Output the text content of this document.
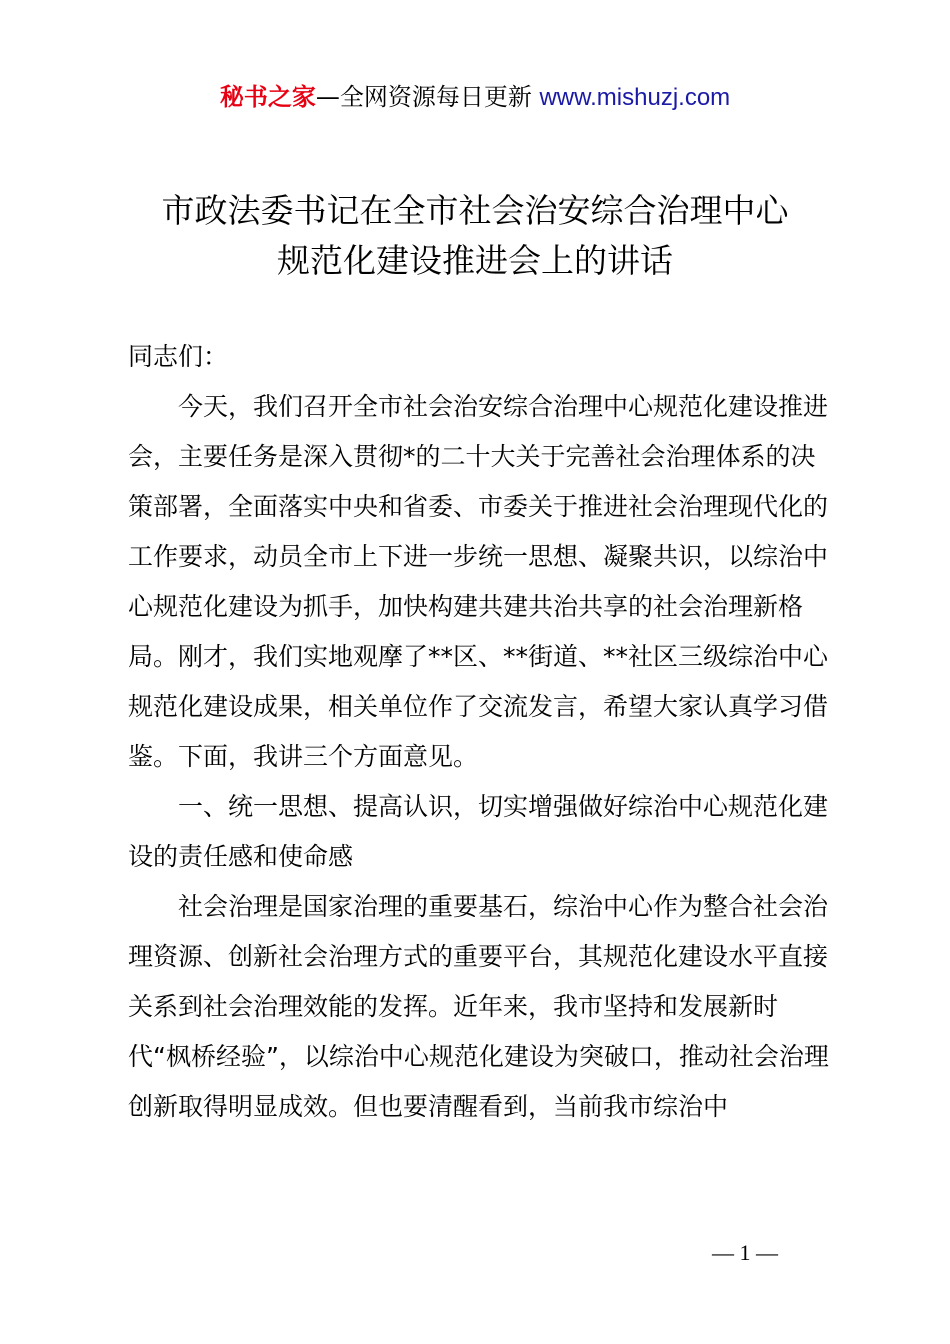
秘书之家—全网资源每日更新 www.mishuzj.com
市政法委书记在全市社会治安综合治理中心
规范化建设推进会上的讲话

同志们：

今天，我们召开全市社会治安综合治理中心规范化建设推进会，主要任务是深入贯彻*的二十大关于完善社会治理体系的决策部署，全面落实中央和省委、市委关于推进社会治理现代化的工作要求，动员全市上下进一步统一思想、凝聚共识，以综治中心规范化建设为抓手，加快构建共建共治共享的社会治理新格局。刚才，我们实地观摩了**区、**街道、**社区三级综治中心规范化建设成果，相关单位作了交流发言，希望大家认真学习借鉴。下面，我讲三个方面意见。

一、统一思想、提高认识，切实增强做好综治中心规范化建设的责任感和使命感

社会治理是国家治理的重要基石，综治中心作为整合社会治理资源、创新社会治理方式的重要平台，其规范化建设水平直接关系到社会治理效能的发挥。近年来，我市坚持和发展新时代“枫桥经验”，以综治中心规范化建设为突破口，推动社会治理创新取得明显成效。但也要清醒看到，当前我市综治中

— 1 —
